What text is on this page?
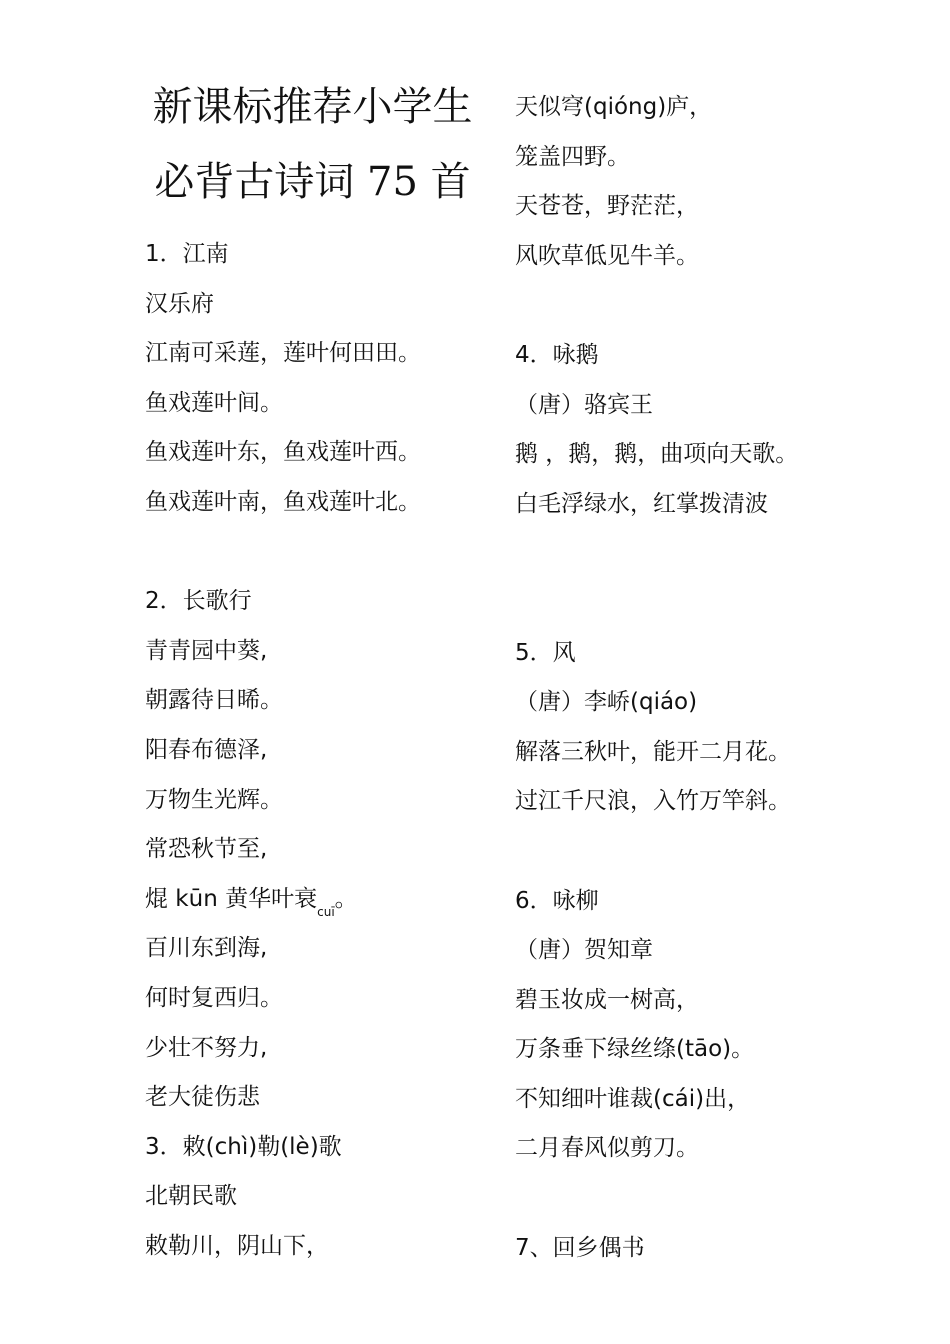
新课标推荐小学生
必背古诗词 75 首
1．江南
汉乐府
江南可采莲，莲叶何田田。
鱼戏莲叶间。
鱼戏莲叶东，鱼戏莲叶西。
鱼戏莲叶南，鱼戏莲叶北。
2．长歌行
青青园中葵,
朝露待日晞。
阳春布德泽,
万物生光辉。
常恐秋节至,
焜 kūn 黄华叶衰$_{cuī}$。
百川东到海,
何时复西归。
少壮不努力,
老大徒伤悲
3．敕(chì)勒(lè)歌
北朝民歌
敕勒川，阴山下，
天似穹(qióng)庐，
笼盖四野。
天苍苍，野茫茫，
风吹草低见牛羊。
4．咏鹅
（唐）骆宾王
鹅 ，鹅，鹅，曲项向天歌。
白毛浮绿水，红掌拨清波
5．风
（唐）李峤(qiáo)
解落三秋叶，能开二月花。
过江千尺浪，入竹万竿斜。
6．咏柳
（唐）贺知章
碧玉妆成一树高，
万条垂下绿丝绦(tāo)。
不知细叶谁裁(cái)出，
二月春风似剪刀。
7、回乡偶书
